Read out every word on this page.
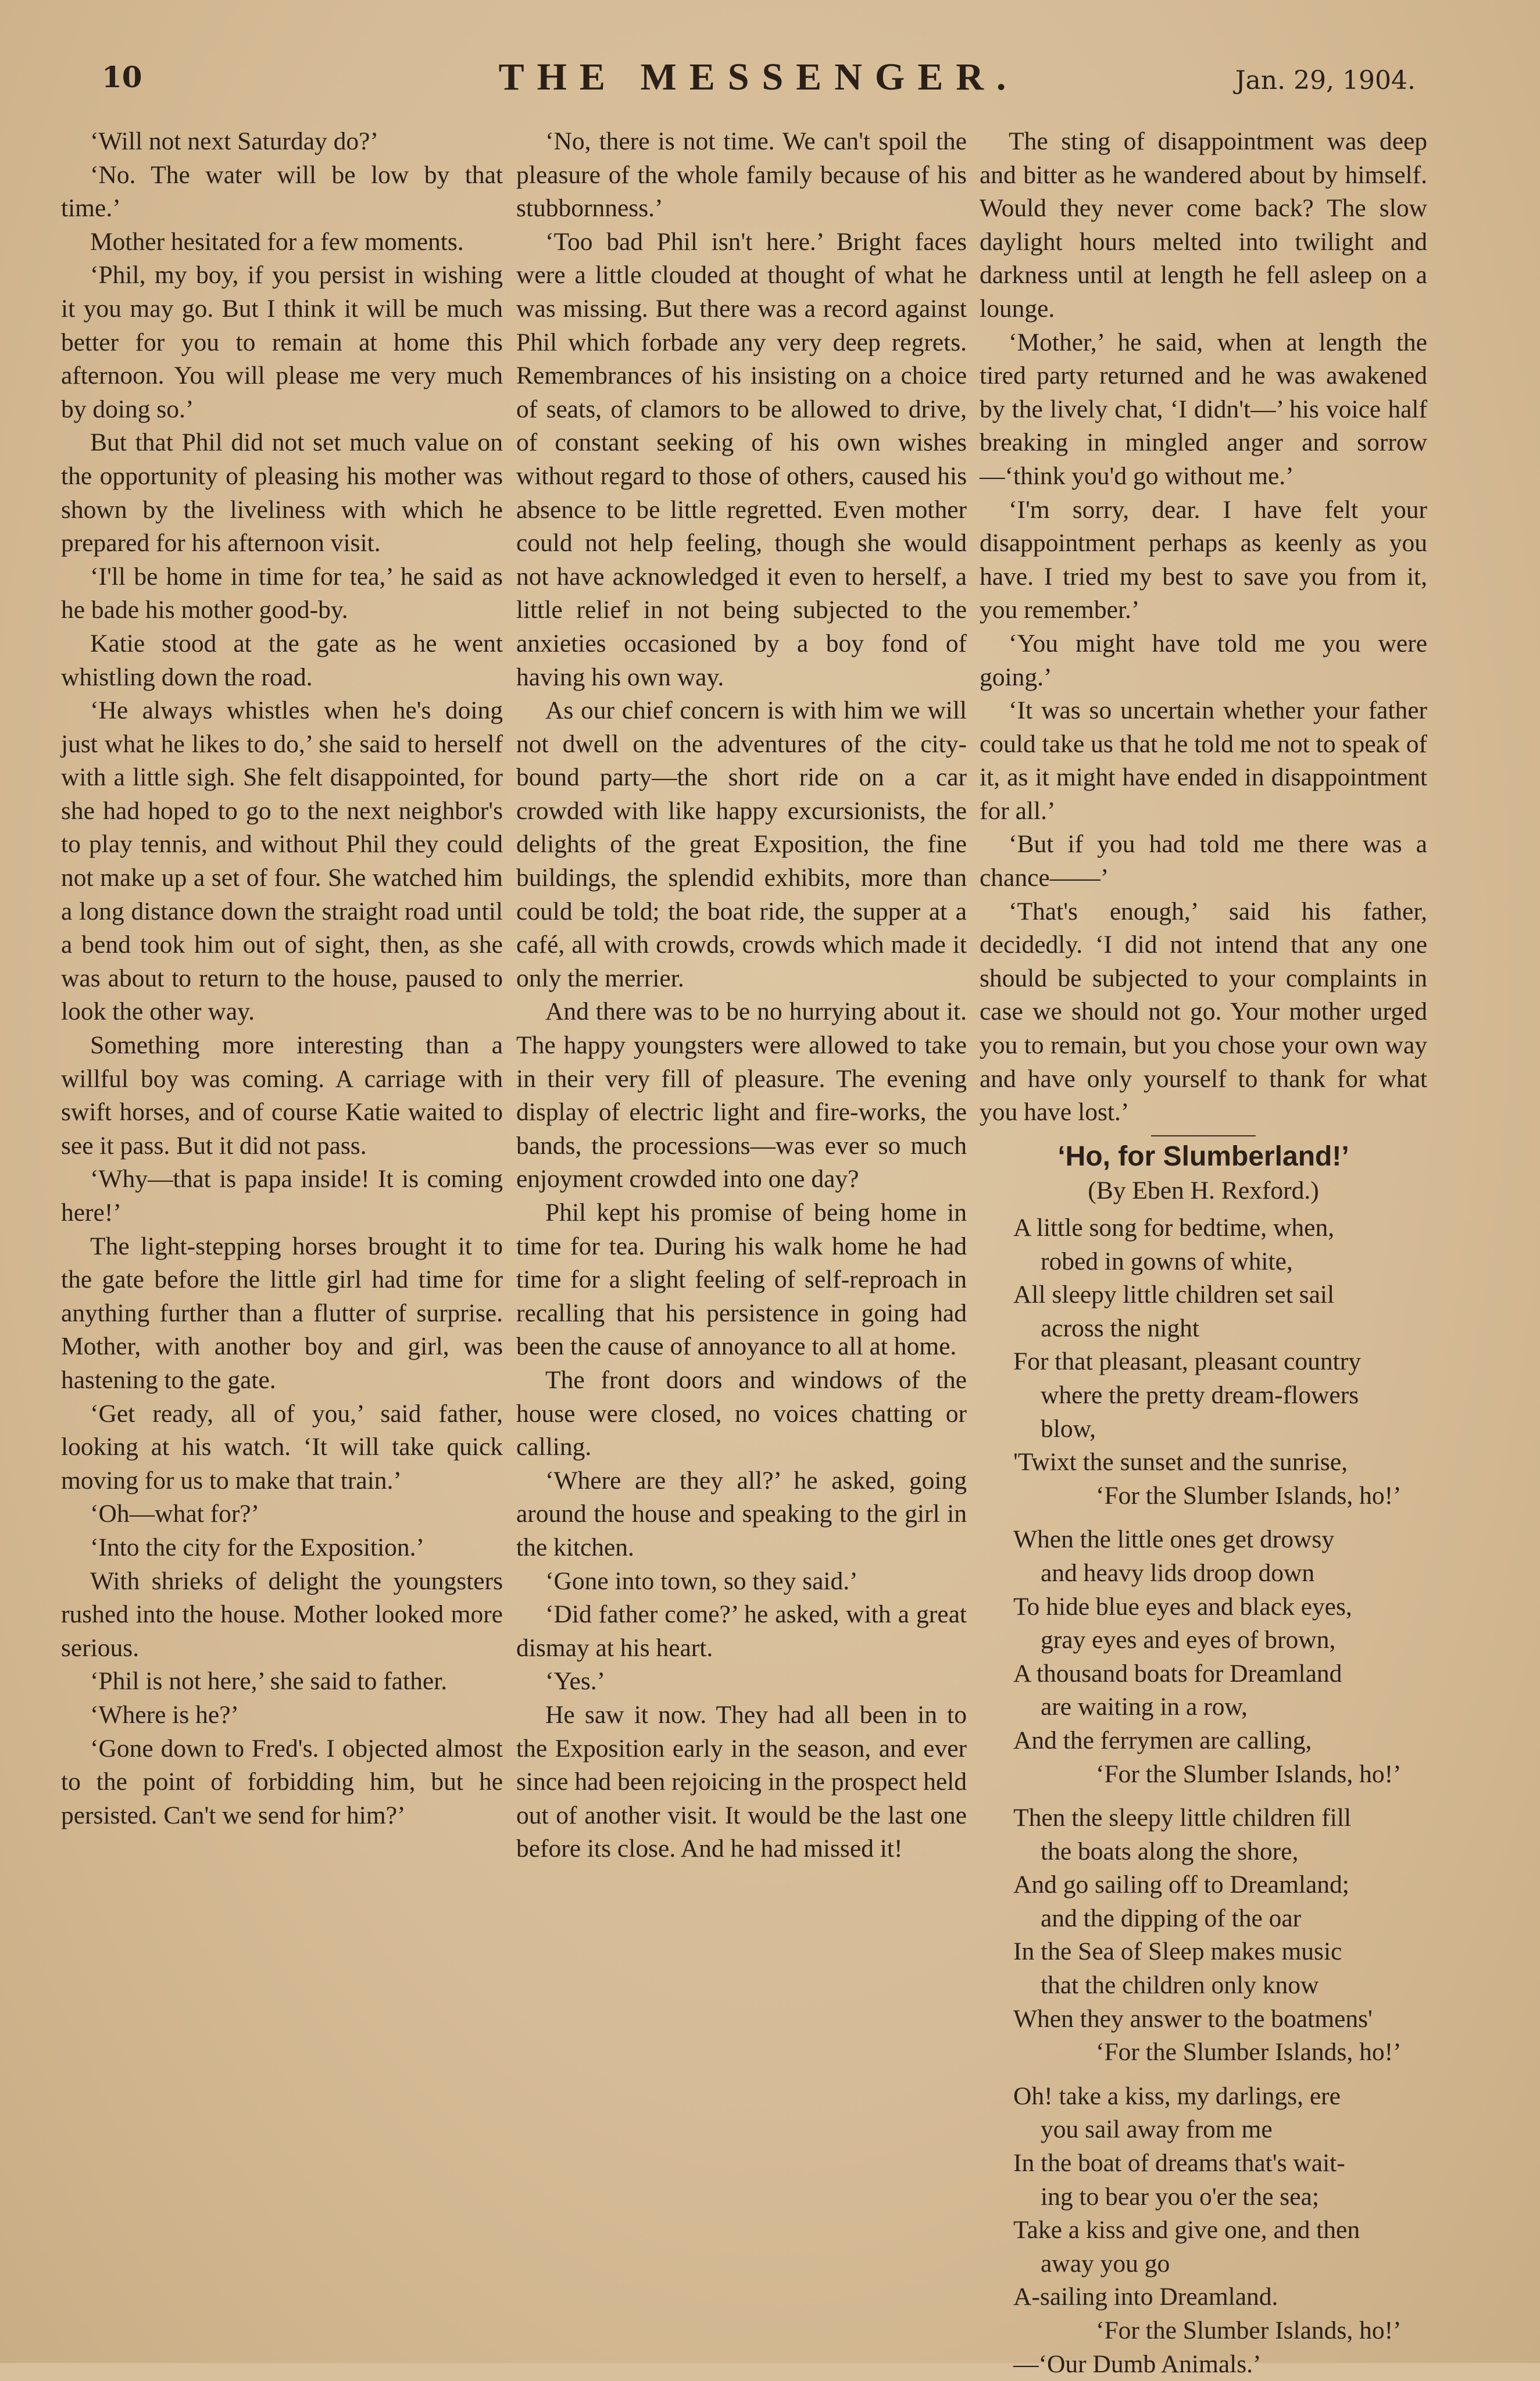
10	THE MESSENGER.	Jan. 29, 1904.

‘Will not next Saturday do?’

‘No. The water will be low by that time.’

Mother hesitated for a few moments.

‘Phil, my boy, if you persist in wishing it you may go. But I think it will be much better for you to remain at home this afternoon. You will please me very much by doing so.’

But that Phil did not set much value on the opportunity of pleasing his mother was shown by the liveliness with which he prepared for his afternoon visit.

‘I'll be home in time for tea,’ he said as he bade his mother good-by.

Katie stood at the gate as he went whistling down the road.

‘He always whistles when he's doing just what he likes to do,’ she said to herself with a little sigh. She felt disappointed, for she had hoped to go to the next neighbor's to play tennis, and without Phil they could not make up a set of four. She watched him a long distance down the straight road until a bend took him out of sight, then, as she was about to return to the house, paused to look the other way.

Something more interesting than a willful boy was coming. A carriage with swift horses, and of course Katie waited to see it pass. But it did not pass.

‘Why—that is papa inside! It is coming here!’

The light-stepping horses brought it to the gate before the little girl had time for anything further than a flutter of surprise. Mother, with another boy and girl, was hastening to the gate.

‘Get ready, all of you,’ said father, looking at his watch. ‘It will take quick moving for us to make that train.’

‘Oh—what for?’

‘Into the city for the Exposition.’

With shrieks of delight the youngsters rushed into the house. Mother looked more serious.

‘Phil is not here,’ she said to father.

‘Where is he?’

‘Gone down to Fred's. I objected almost to the point of forbidding him, but he persisted. Can't we send for him?’

‘No, there is not time. We can't spoil the pleasure of the whole family because of his stubbornness.’

‘Too bad Phil isn't here.’ Bright faces were a little clouded at thought of what he was missing. But there was a record against Phil which forbade any very deep regrets. Remembrances of his insisting on a choice of seats, of clamors to be allowed to drive, of constant seeking of his own wishes without regard to those of others, caused his absence to be little regretted. Even mother could not help feeling, though she would not have acknowledged it even to herself, a little relief in not being subjected to the anxieties occasioned by a boy fond of having his own way.

As our chief concern is with him we will not dwell on the adventures of the city-bound party—the short ride on a car crowded with like happy excursionists, the delights of the great Exposition, the fine buildings, the splendid exhibits, more than could be told; the boat ride, the supper at a café, all with crowds, crowds which made it only the merrier.

And there was to be no hurrying about it. The happy youngsters were allowed to take in their very fill of pleasure. The evening display of electric light and fire-works, the bands, the processions—was ever so much enjoyment crowded into one day?

Phil kept his promise of being home in time for tea. During his walk home he had time for a slight feeling of self-reproach in recalling that his persistence in going had been the cause of annoyance to all at home.

The front doors and windows of the house were closed, no voices chatting or calling.

‘Where are they all?’ he asked, going around the house and speaking to the girl in the kitchen.

‘Gone into town, so they said.’

‘Did father come?’ he asked, with a great dismay at his heart.

‘Yes.’

He saw it now. They had all been in to the Exposition early in the season, and ever since had been rejoicing in the prospect held out of another visit. It would be the last one before its close. And he had missed it!

The sting of disappointment was deep and bitter as he wandered about by himself. Would they never come back? The slow daylight hours melted into twilight and darkness until at length he fell asleep on a lounge.

‘Mother,’ he said, when at length the tired party returned and he was awakened by the lively chat, ‘I didn't—’ his voice half breaking in mingled anger and sorrow—‘think you'd go without me.’

‘I'm sorry, dear. I have felt your disappointment perhaps as keenly as you have. I tried my best to save you from it, you remember.’

‘You might have told me you were going.’

‘It was so uncertain whether your father could take us that he told me not to speak of it, as it might have ended in disappointment for all.’

‘But if you had told me there was a chance——’

‘That's enough,’ said his father, decidedly. ‘I did not intend that any one should be subjected to your complaints in case we should not go. Your mother urged you to remain, but you chose your own way and have only yourself to thank for what you have lost.’

‘Ho, for Slumberland!’
(By Eben H. Rexford.)

A little song for bedtime, when,

robed in gowns of white,

All sleepy little children set sail

across the night

For that pleasant, pleasant country

where the pretty dream-flowers

blow,

'Twixt the sunset and the sunrise,

‘For the Slumber Islands, ho!’

When the little ones get drowsy

and heavy lids droop down

To hide blue eyes and black eyes,

gray eyes and eyes of brown,

A thousand boats for Dreamland

are waiting in a row,

And the ferrymen are calling,

‘For the Slumber Islands, ho!’

Then the sleepy little children fill

the boats along the shore,

And go sailing off to Dreamland;

and the dipping of the oar

In the Sea of Sleep makes music

that the children only know

When they answer to the boatmens'

‘For the Slumber Islands, ho!’

Oh! take a kiss, my darlings, ere

you sail away from me

In the boat of dreams that's wait-

ing to bear you o'er the sea;

Take a kiss and give one, and then

away you go

A-sailing into Dreamland.

‘For the Slumber Islands, ho!’

—‘Our Dumb Animals.’
